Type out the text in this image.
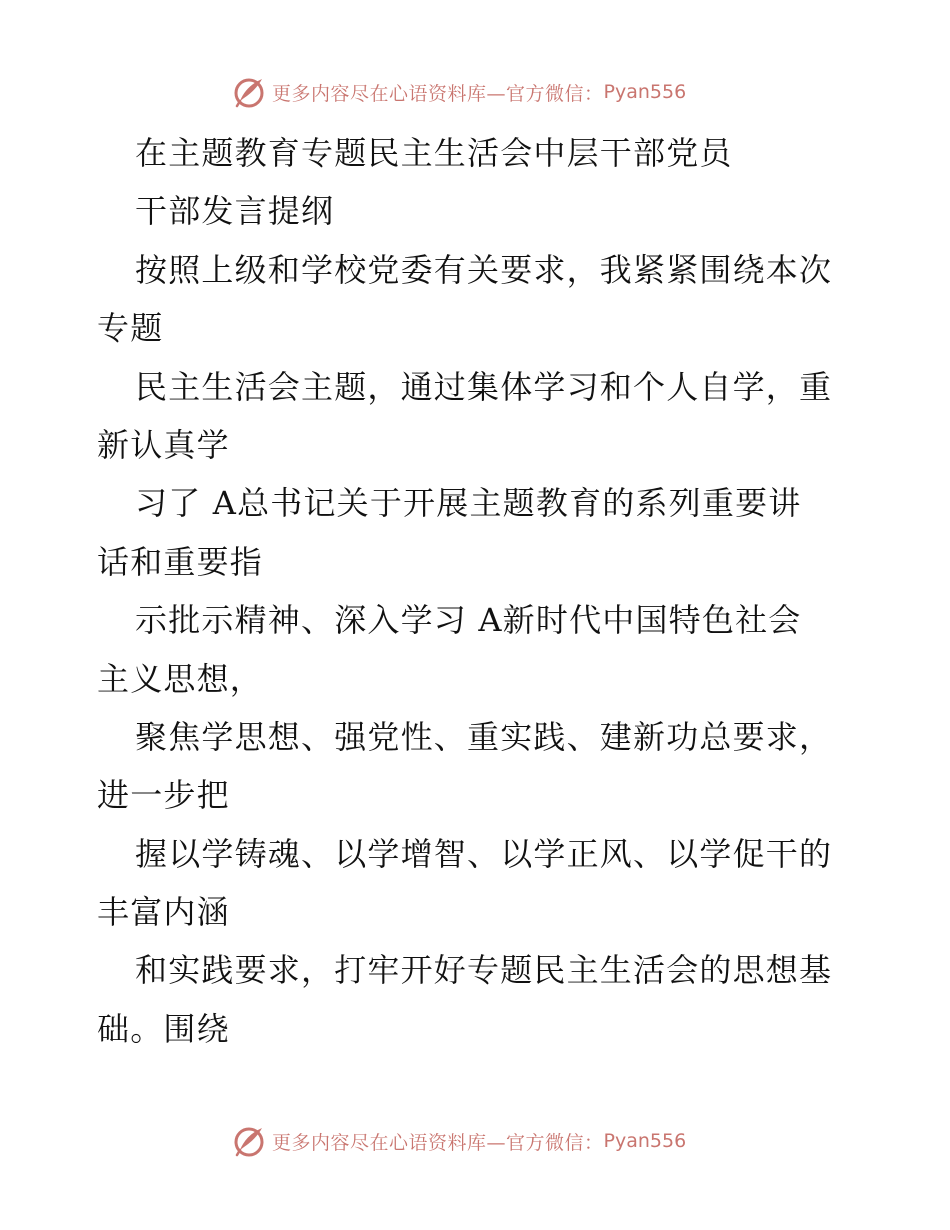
更多内容尽在心语资料库—官方微信： Pyan556
在主题教育专题民主生活会中层干部党员
干部发言提纲
按照上级和学校党委有关要求，我紧紧围绕本次
专题
民主生活会主题，通过集体学习和个人自学，重
新认真学
习了 A总书记关于开展主题教育的系列重要讲
话和重要指
示批示精神、深入学习 A新时代中国特色社会
主义思想，
聚焦学思想、强党性、重实践、建新功总要求，
进一步把
握以学铸魂、以学增智、以学正风、以学促干的
丰富内涵
和实践要求，打牢开好专题民主生活会的思想基
础。围绕
更多内容尽在心语资料库—官方微信： Pyan556
